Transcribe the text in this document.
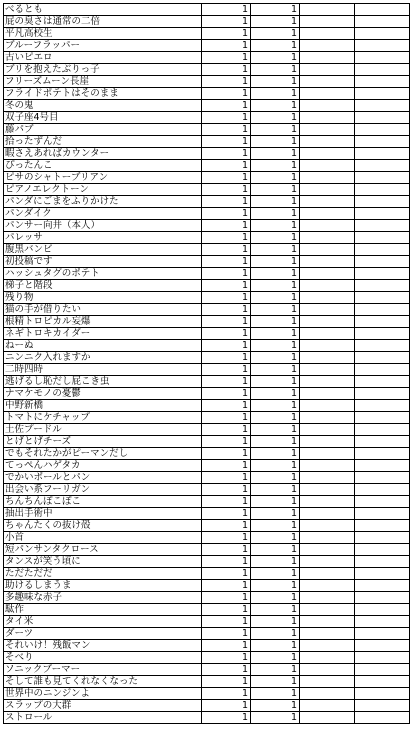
べるとも	1	1		
屁の臭さは通常の二倍	1	1		
平凡高校生	1	1		
ブルーフラッパー	1	1		
古いピエロ	1	1		
ブリを抱えたぶりっ子	1	1		
フリーズムーン長崖	1	1		
フライドポテトはそのまま	1	1		
冬の鬼	1	1		
双子座4号目	1	1		
藤パブ	1	1		
拾ったずんだ	1	1		
暇さえあればカウンター	1	1		
ぴったんこ	1	1		
ピサのシャトーブリアン	1	1		
ピアノエレクトーン	1	1		
パンダにごまをふりかけた	1	1		
パンダイク	1	1		
パンサー向井（本人）	1	1		
パレッサ	1	1		
腹黒バンビ	1	1		
初投稿です	1	1		
ハッシュタグのポテト	1	1		
梯子と階段	1	1		
残り物	1	1		
猫の手が借りたい	1	1		
根精トロピカル妄爆	1	1		
ネギトロキカイダー	1	1		
ねーぬ	1	1		
ニンニク入れますか	1	1		
二時四時	1	1		
逃げるし恥だし屁こき虫	1	1		
ナマケモノの憂鬱	1	1		
中野新橋	1	1		
トマトにケチャップ	1	1		
土佐プードル	1	1		
とげとげチーズ	1	1		
でもそれたかがピーマンだし	1	1		
てっぺんハゲタカ	1	1		
でかいボールとパン	1	1		
出会い系フーリガン	1	1		
ちんちんぽこぽこ	1	1		
抽出手術中	1	1		
ちゃんたくの抜け殻	1	1		
小首	1	1		
短パンサンタクロース	1	1		
タンスが笑う頃に	1	1		
ただただだ	1	1		
助けるしまうま	1	1		
多趣味な赤子	1	1		
駄作	1	1		
タイ米	1	1		
ダーツ	1	1		
それいけ！残飯マン	1	1		
そべり	1	1		
ソニックブーマー	1	1		
そして誰も見てくれなくなった	1	1		
世界中のニンジンよ	1	1		
スラップの大群	1	1		
ストロール	1	1		
